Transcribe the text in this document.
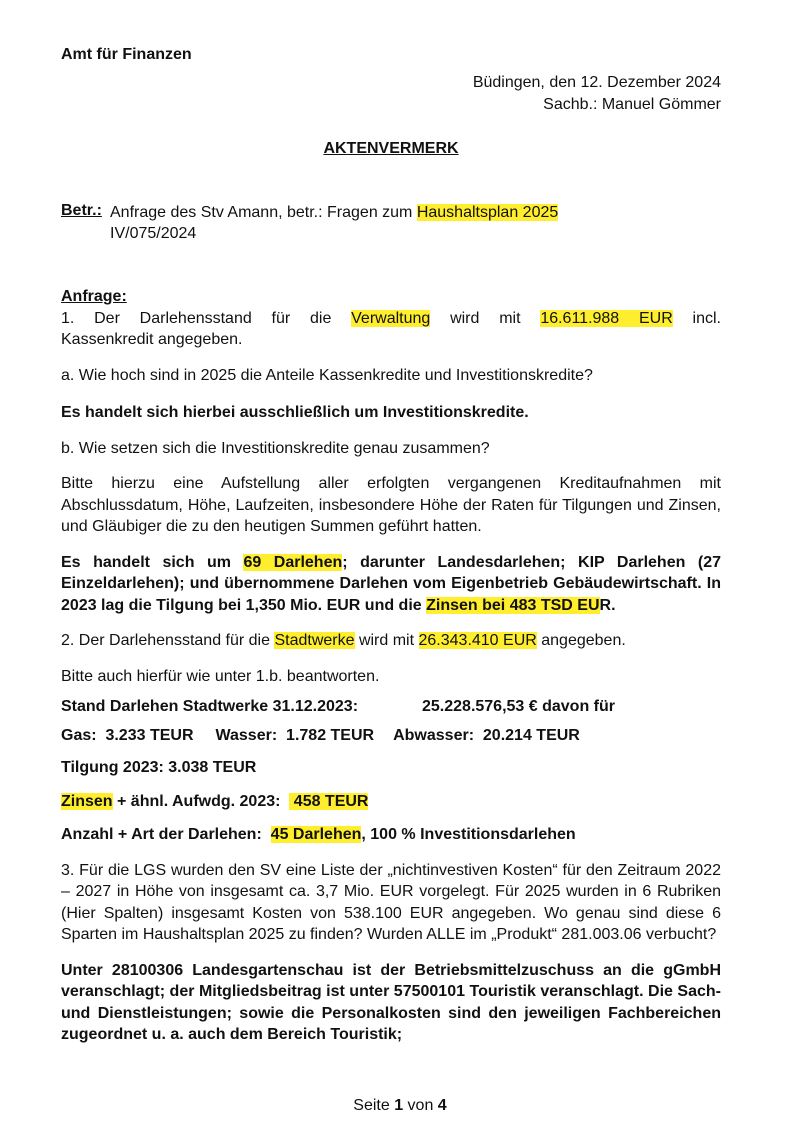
Amt für Finanzen

Büdingen, den 12. Dezember 2024
Sachb.: Manuel Gömmer

AKTENVERMERK

Betr.: Anfrage des Stv Amann, betr.: Fragen zum Haushaltsplan 2025
IV/075/2024

Anfrage:

1. Der Darlehensstand für die Verwaltung wird mit 16.611.988 EUR incl.

Kassenkredit angegeben.

a. Wie hoch sind in 2025 die Anteile Kassenkredite und Investitionskredite?

Es handelt sich hierbei ausschließlich um Investitionskredite.

b. Wie setzen sich die Investitionskredite genau zusammen?

Bitte hierzu eine Aufstellung aller erfolgten vergangenen Kreditaufnahmen mit Abschlussdatum, Höhe, Laufzeiten, insbesondere Höhe der Raten für Tilgungen und Zinsen, und Gläubiger die zu den heutigen Summen geführt hatten.

Es handelt sich um 69 Darlehen; darunter Landesdarlehen; KIP Darlehen (27 Einzeldarlehen); und übernommene Darlehen vom Eigenbetrieb Gebäudewirtschaft. In 2023 lag die Tilgung bei 1,350 Mio. EUR und die Zinsen bei 483 TSD EUR.

2. Der Darlehensstand für die Stadtwerke wird mit 26.343.410 EUR angegeben.

Bitte auch hierfür wie unter 1.b. beantworten.

Stand Darlehen Stadtwerke 31.12.2023:	25.228.576,53 € davon für
Gas:  3.233 TEUR Wasser:  1.782 TEUR Abwasser:  20.214 TEUR

Tilgung 2023: 3.038 TEUR

Zinsen + ähnl. Aufwdg. 2023:   458 TEUR

Anzahl + Art der Darlehen:  45 Darlehen, 100 % Investitionsdarlehen

3. Für die LGS wurden den SV eine Liste der „nichtinvestiven Kosten“ für den Zeitraum 2022 – 2027 in Höhe von insgesamt ca. 3,7 Mio. EUR vorgelegt. Für 2025 wurden in 6 Rubriken (Hier Spalten) insgesamt Kosten von 538.100 EUR angegeben. Wo genau sind diese 6 Sparten im Haushaltsplan 2025 zu finden? Wurden ALLE im „Produkt“ 281.003.06 verbucht?

Unter 28100306 Landesgartenschau ist der Betriebsmittelzuschuss an die gGmbH veranschlagt; der Mitgliedsbeitrag ist unter 57500101 Touristik veranschlagt. Die Sach- und Dienstleistungen; sowie die Personalkosten sind den jeweiligen Fachbereichen zugeordnet u. a. auch dem Bereich Touristik;

Seite 1 von 4
